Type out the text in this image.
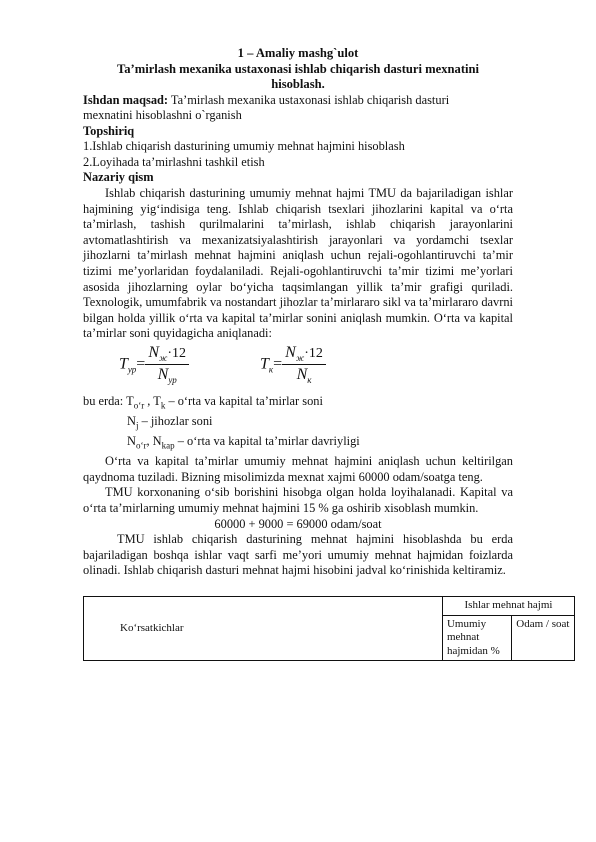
1 – Amaliy mashg`ulot
Ta’mirlash mexanika ustaxonasi ishlab chiqarish dasturi mexnatini
hisoblash.
Ishdan maqsad: Ta’mirlash mexanika ustaxonasi ishlab chiqarish dasturi
mexnatini hisoblashni o`rganish
Topshiriq
1.Ishlab chiqarish dasturining umumiy mehnat hajmini hisoblash
2.Loyihada ta’mirlashni tashkil etish
Nazariy qism
Ishlab chiqarish dasturining umumiy mehnat hajmi TMU da bajariladigan ishlar hajmining yig‘indisiga teng. Ishlab chiqarish tsexlari jihozlarini kapital va o‘rta ta’mirlash, tashish qurilmalarini ta’mirlash, ishlab chiqarish jarayonlarini avtomatlashtirish va mexanizatsiyalashtirish jarayonlari va yordamchi tsexlar jihozlarni ta’mirlash mehnat hajmini aniqlash uchun rejali-ogohlantiruvchi ta’mir tizimi me’yorlaridan foydalaniladi. Rejali-ogohlantiruvchi ta’mir tizimi me’yorlari asosida jihozlarning oylar bo‘yicha taqsimlangan yillik ta’mir grafigi quriladi. Texnologik, umumfabrik va nostandart jihozlar ta’mirlararo sikl va ta’mirlararo davrni bilgan holda yillik o‘rta va kapital ta’mirlar sonini aniqlash mumkin. O‘rta va kapital ta’mirlar soni quyidagicha aniqlanadi:
$T_{ур}= \frac{N_ж\cdot 12}{N_{ур}}$	$T_к= \frac{N_ж\cdot 12}{N_к}$
bu erda: $T_{o‘r}$ , $T_k$ – o‘rta va kapital ta’mirlar soni
$N_j$ – jihozlar soni
$N_{o‘r}$, $N_{kap}$ – o‘rta va kapital ta’mirlar davriyligi
O‘rta va kapital ta’mirlar umumiy mehnat hajmini aniqlash uchun keltirilgan qaydnoma tuziladi. Bizning misolimizda mexnat xajmi 60000 odam/soatga teng.
TMU korxonaning o‘sib borishini hisobga olgan holda loyihalanadi. Kapital va o‘rta ta’mirlarning umumiy mehnat hajmini 15 % ga oshirib xisoblash mumkin.
60000 + 9000 = 69000 odam/soat
TMU ishlab chiqarish dasturining mehnat hajmini hisoblashda bu erda bajariladigan boshqa ishlar vaqt sarfi me’yori umumiy mehnat hajmidan foizlarda olinadi. Ishlab chiqarish dasturi mehnat hajmi hisobini jadval ko‘rinishida keltiramiz.
Ko‘rsatkichlar	Ishlar mehnat hajmi	
	Umumiy mehnat hajmidan %	Odam / soat
